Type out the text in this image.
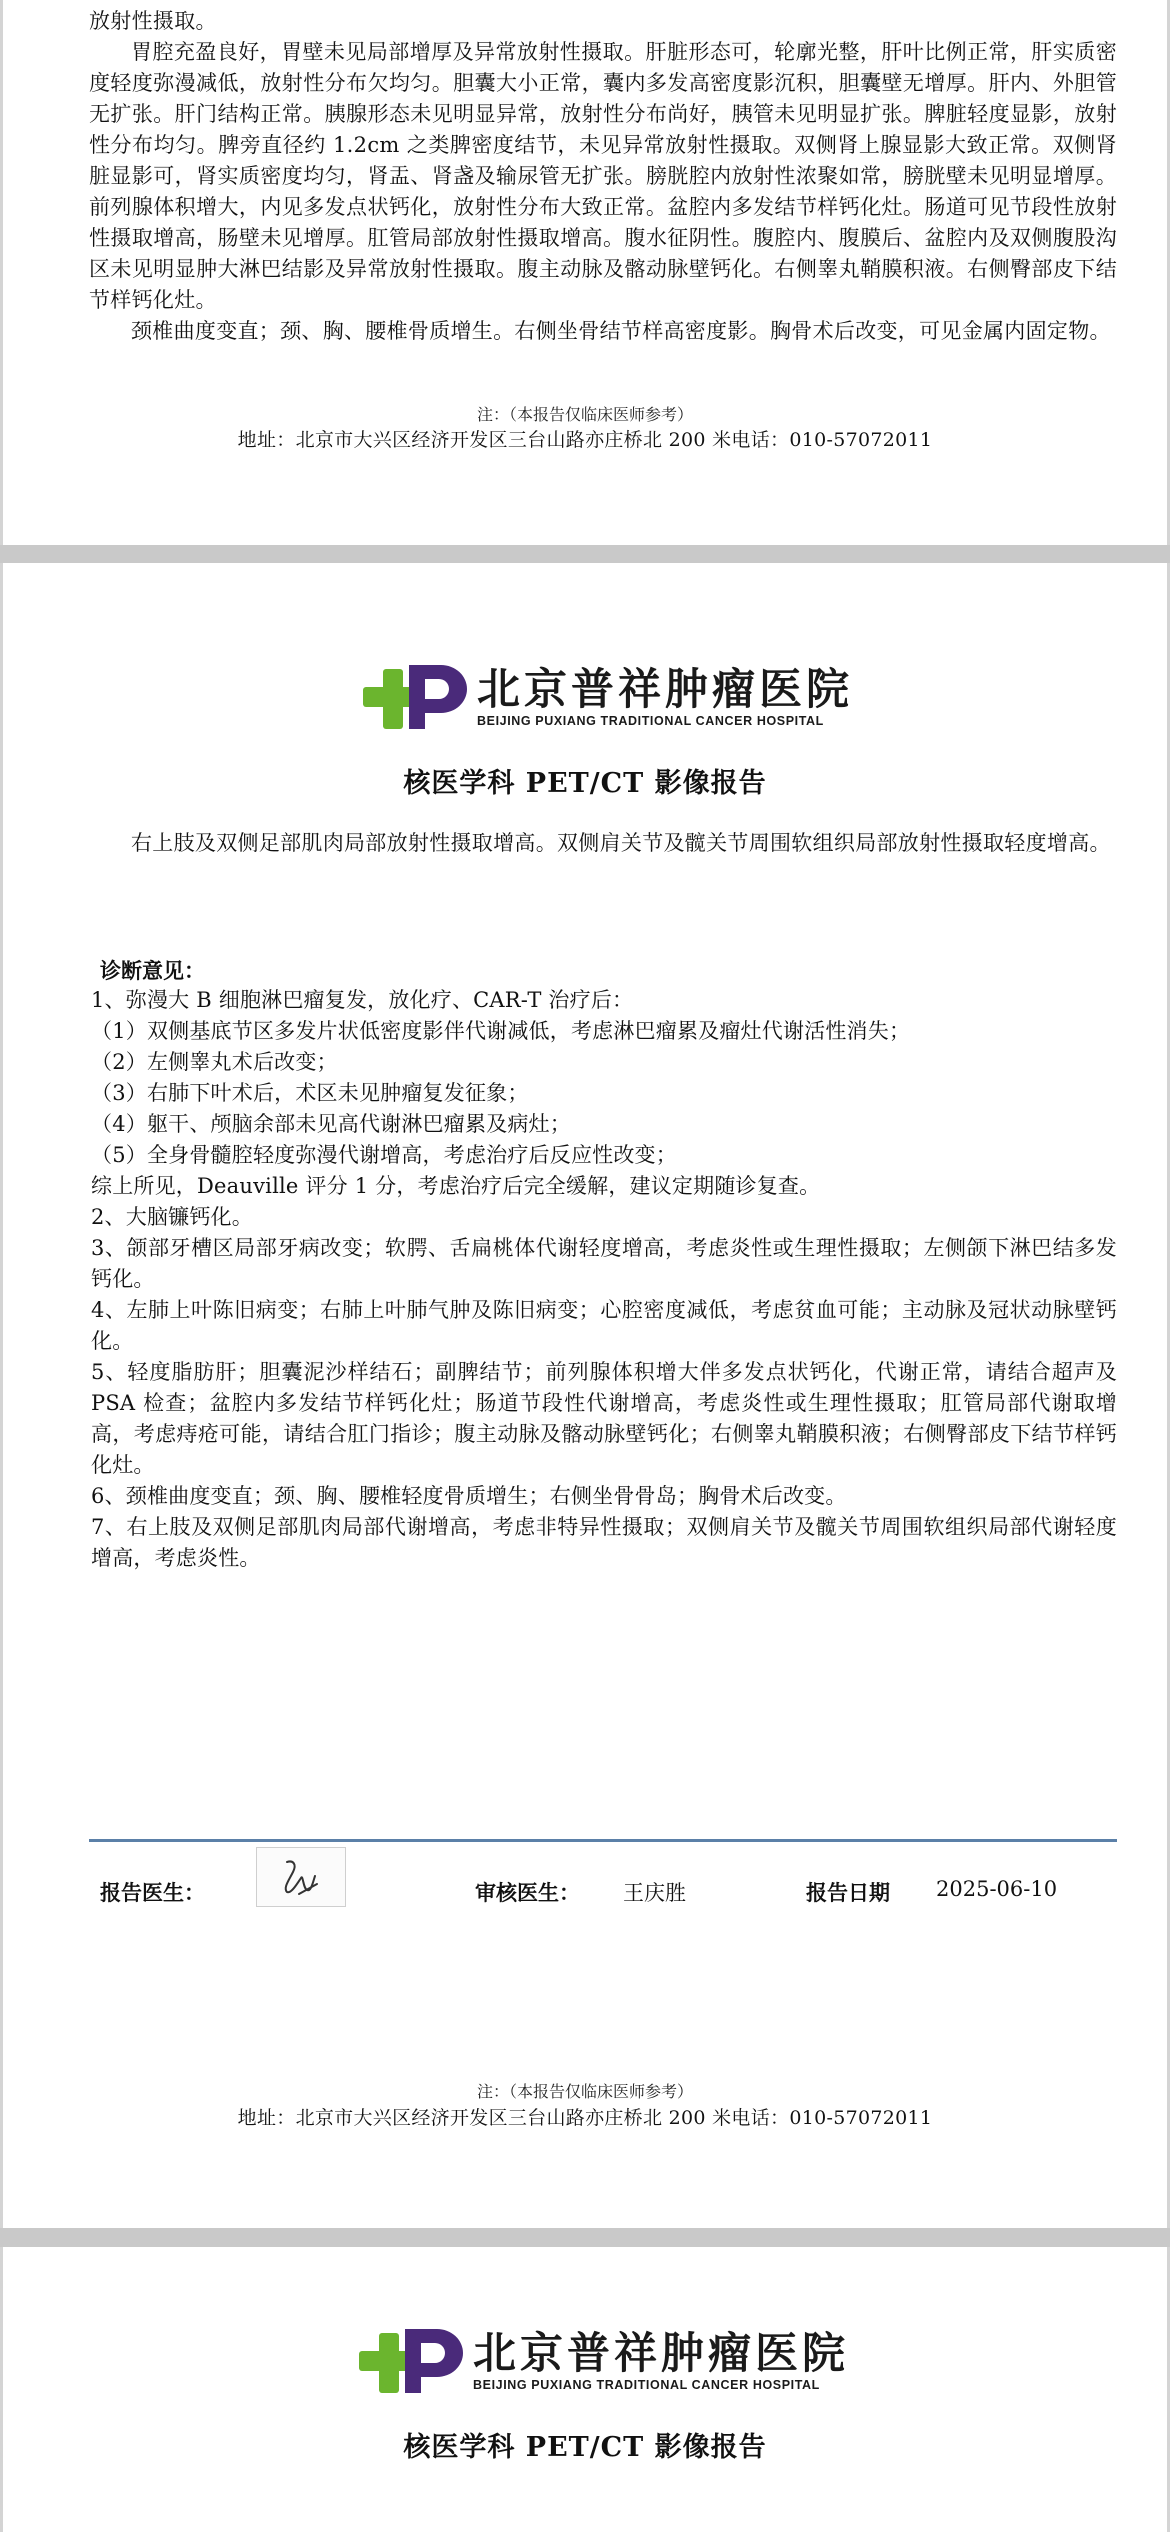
放射性摄取。

胃腔充盈良好，胃壁未见局部增厚及异常放射性摄取。肝脏形态可，轮廓光整，肝叶比例正常，肝实质密度轻度弥漫减低，放射性分布欠均匀。胆囊大小正常，囊内多发高密度影沉积，胆囊壁无增厚。肝内、外胆管无扩张。肝门结构正常。胰腺形态未见明显异常，放射性分布尚好，胰管未见明显扩张。脾脏轻度显影，放射性分布均匀。脾旁直径约 1.2cm 之类脾密度结节，未见异常放射性摄取。双侧肾上腺显影大致正常。双侧肾脏显影可，肾实质密度均匀，肾盂、肾盏及输尿管无扩张。膀胱腔内放射性浓聚如常，膀胱壁未见明显增厚。前列腺体积增大，内见多发点状钙化，放射性分布大致正常。盆腔内多发结节样钙化灶。肠道可见节段性放射性摄取增高，肠壁未见增厚。肛管局部放射性摄取增高。腹水征阴性。腹腔内、腹膜后、盆腔内及双侧腹股沟区未见明显肿大淋巴结影及异常放射性摄取。腹主动脉及髂动脉壁钙化。右侧睾丸鞘膜积液。右侧臀部皮下结节样钙化灶。

颈椎曲度变直；颈、胸、腰椎骨质增生。右侧坐骨结节样高密度影。胸骨术后改变，可见金属内固定物。

注：（本报告仅临床医师参考）
地址：北京市大兴区经济开发区三台山路亦庄桥北 200 米电话：010-57072011
北京普祥肿瘤医院
BEIJING PUXIANG TRADITIONAL CANCER HOSPITAL
核医学科 PET/CT 影像报告

右上肢及双侧足部肌肉局部放射性摄取增高。双侧肩关节及髋关节周围软组织局部放射性摄取轻度增高。

诊断意见：
1、弥漫大 B 细胞淋巴瘤复发，放化疗、CAR-T 治疗后：
（1）双侧基底节区多发片状低密度影伴代谢减低，考虑淋巴瘤累及瘤灶代谢活性消失；
（2）左侧睾丸术后改变；
（3）右肺下叶术后，术区未见肿瘤复发征象；
（4）躯干、颅脑余部未见高代谢淋巴瘤累及病灶；
（5）全身骨髓腔轻度弥漫代谢增高，考虑治疗后反应性改变；
综上所见，Deauville 评分 1 分，考虑治疗后完全缓解，建议定期随诊复查。
2、大脑镰钙化。
3、颌部牙槽区局部牙病改变；软腭、舌扁桃体代谢轻度增高，考虑炎性或生理性摄取；左侧颌下淋巴结多发钙化。
4、左肺上叶陈旧病变；右肺上叶肺气肿及陈旧病变；心腔密度减低，考虑贫血可能；主动脉及冠状动脉壁钙化。
5、轻度脂肪肝；胆囊泥沙样结石；副脾结节；前列腺体积增大伴多发点状钙化，代谢正常，请结合超声及 PSA 检查；盆腔内多发结节样钙化灶；肠道节段性代谢增高，考虑炎性或生理性摄取；肛管局部代谢取增高，考虑痔疮可能，请结合肛门指诊；腹主动脉及髂动脉壁钙化；右侧睾丸鞘膜积液；右侧臀部皮下结节样钙化灶。
6、颈椎曲度变直；颈、胸、腰椎轻度骨质增生；右侧坐骨骨岛；胸骨术后改变。
7、右上肢及双侧足部肌肉局部代谢增高，考虑非特异性摄取；双侧肩关节及髋关节周围软组织局部代谢轻度增高，考虑炎性。
报告医生：	审核医生： 王庆胜	报告日期 2025-06-10
注：（本报告仅临床医师参考）
地址：北京市大兴区经济开发区三台山路亦庄桥北 200 米电话：010-57072011
北京普祥肿瘤医院
BEIJING PUXIANG TRADITIONAL CANCER HOSPITAL
核医学科 PET/CT 影像报告
